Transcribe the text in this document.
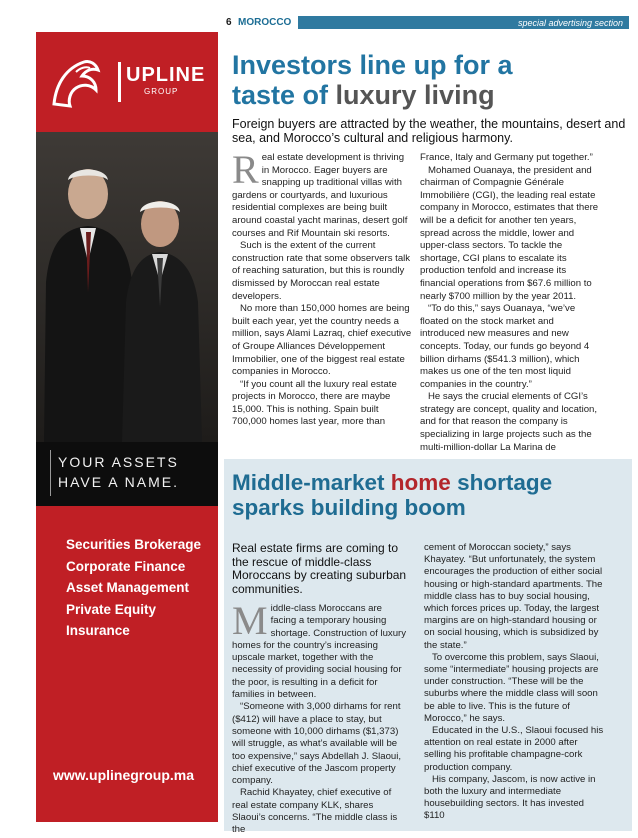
6 MOROCCO	special advertising section
UPLINE
GROUP
YOUR ASSETS
HAVE A NAME.
Securities Brokerage
Corporate Finance
Asset Management
Private Equity
Insurance
www.uplinegroup.ma
Investors line up for a
taste of luxury living
Foreign buyers are attracted by the weather, the mountains, desert and sea, and Morocco’s cultural and religious harmony.

Real estate development is thriving in Morocco. Eager buyers are snapping up traditional villas with gardens or courtyards, and luxurious residential complexes are being built around coastal yacht marinas, desert golf courses and Rif Mountain ski resorts.

Such is the extent of the current construction rate that some observers talk of reaching saturation, but this is roundly dismissed by Moroccan real estate developers.

No more than 150,000 homes are being built each year, yet the country needs a million, says Alami Lazraq, chief executive of Groupe Alliances Développement Immobilier, one of the biggest real estate companies in Morocco.

“If you count all the luxury real estate projects in Morocco, there are maybe 15,000. This is nothing. Spain built 700,000 homes last year, more than

France, Italy and Germany put together.”

Mohamed Ouanaya, the president and chairman of Compagnie Générale Immobilière (CGI), the leading real estate company in Morocco, estimates that there will be a deficit for another ten years, spread across the middle, lower and upper-class sectors. To tackle the shortage, CGI plans to escalate its production tenfold and increase its financial operations from $67.6 million to nearly $700 million by the year 2011.

“To do this,” says Ouanaya, “we’ve floated on the stock market and introduced new measures and new concepts. Today, our funds go beyond 4 billion dirhams ($541.3 million), which makes us one of the ten most liquid companies in the country.”

He says the crucial elements of CGI’s strategy are concept, quality and location, and for that reason the company is specializing in large projects such as the multi-million-dollar La Marina de

Middle-market home shortage
sparks building boom
Real estate firms are coming to the rescue of middle-class Moroccans by creating suburban communities.

Middle-class Moroccans are facing a temporary housing shortage. Construction of luxury homes for the country’s increasing upscale market, together with the necessity of providing social housing for the poor, is resulting in a deficit for families in between.

“Someone with 3,000 dirhams for rent ($412) will have a place to stay, but someone with 10,000 dirhams ($1,373) will struggle, as what’s available will be too expensive,” says Abdellah J. Slaoui, chief executive of the Jascom property company.

Rachid Khayatey, chief executive of real estate company KLK, shares Slaoui’s concerns. “The middle class is the

cement of Moroccan society,” says Khayatey. “But unfortunately, the system encourages the production of either social housing or high-standard apartments. The middle class has to buy social housing, which forces prices up. Today, the largest margins are on high-standard housing or on social housing, which is subsidized by the state.”

To overcome this problem, says Slaoui, some “intermediate” housing projects are under construction. “These will be the suburbs where the middle class will soon be able to live. This is the future of Morocco,” he says.

Educated in the U.S., Slaoui focused his attention on real estate in 2000 after selling his profitable champagne-cork production company.

His company, Jascom, is now active in both the luxury and intermediate housebuilding sectors. It has invested $110
